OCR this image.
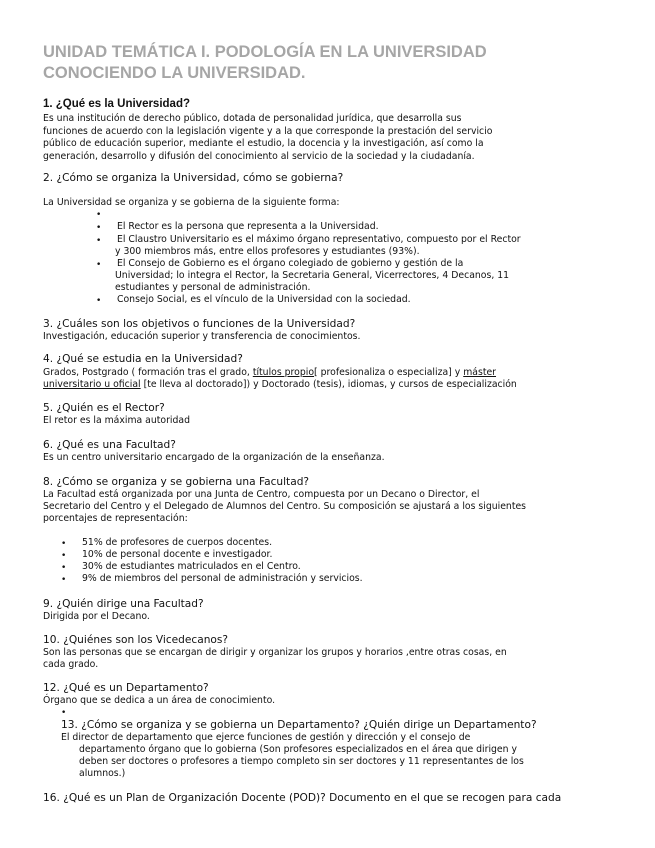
UNIDAD TEMÁTICA I. PODOLOGÍA EN LA UNIVERSIDAD
CONOCIENDO LA UNIVERSIDAD.
1. ¿Qué es la Universidad?
Es una institución de derecho público, dotada de personalidad jurídica, que desarrolla sus
funciones de acuerdo con la legislación vigente y a la que corresponde la prestación del servicio
público de educación superior, mediante el estudio, la docencia y la investigación, así como la
generación, desarrollo y difusión del conocimiento al servicio de la sociedad y la ciudadanía.
2. ¿Cómo se organiza la Universidad, cómo se gobierna?
La Universidad se organiza y se gobierna de la siguiente forma:
•
• El Rector es la persona que representa a la Universidad.
• El Claustro Universitario es el máximo órgano representativo, compuesto por el Rector
y 300 miembros más, entre ellos profesores y estudiantes (93%).
• El Consejo de Gobierno es el órgano colegiado de gobierno y gestión de la
Universidad; lo integra el Rector, la Secretaria General, Vicerrectores, 4 Decanos, 11
estudiantes y personal de administración.
• Consejo Social, es el vínculo de la Universidad con la sociedad.
3. ¿Cuáles son los objetivos o funciones de la Universidad?
Investigación, educación superior y transferencia de conocimientos.
4. ¿Qué se estudia en la Universidad?
Grados, Postgrado ( formación tras el grado, títulos propio[ profesionaliza o especializa] y máster
universitario u oficial [te lleva al doctorado]) y Doctorado (tesis), idiomas, y cursos de especialización
5. ¿Quién es el Rector?
El retor es la máxima autoridad
6. ¿Qué es una Facultad?
Es un centro universitario encargado de la organización de la enseñanza.
8. ¿Cómo se organiza y se gobierna una Facultad?
La Facultad está organizada por una Junta de Centro, compuesta por un Decano o Director, el
Secretario del Centro y el Delegado de Alumnos del Centro. Su composición se ajustará a los siguientes
porcentajes de representación:
• 51% de profesores de cuerpos docentes.
• 10% de personal docente e investigador.
• 30% de estudiantes matriculados en el Centro.
• 9% de miembros del personal de administración y servicios.
9. ¿Quién dirige una Facultad?
Dirigida por el Decano.
10. ¿Quiénes son los Vicedecanos?
Son las personas que se encargan de dirigir y organizar los grupos y horarios ,entre otras cosas, en
cada grado.
12. ¿Qué es un Departamento?
Órgano que se dedica a un área de conocimiento.
•
13. ¿Cómo se organiza y se gobierna un Departamento? ¿Quién dirige un Departamento?
El director de departamento que ejerce funciones de gestión y dirección y el consejo de
departamento órgano que lo gobierna (Son profesores especializados en el área que dirigen y
deben ser doctores o profesores a tiempo completo sin ser doctores y 11 representantes de los
alumnos.)
16. ¿Qué es un Plan de Organización Docente (POD)? Documento en el que se recogen para cada
